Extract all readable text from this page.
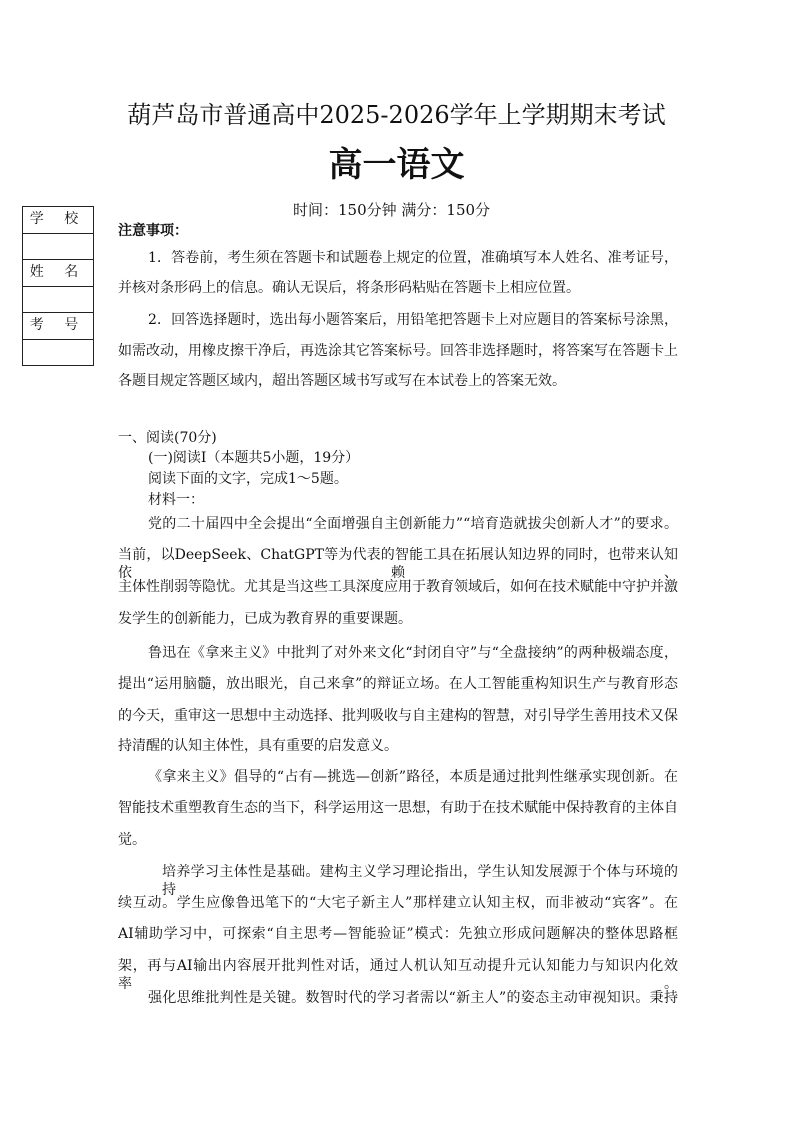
葫芦岛市普通高中2025-2026学年上学期期末考试
高一语文
时间：150分钟 满分：150分
学 校
姓 名
考 号
注意事项：
1．答卷前，考生须在答题卡和试题卷上规定的位置，准确填写本人姓名、准考证号，
并核对条形码上的信息。确认无误后，将条形码粘贴在答题卡上相应位置。
2．回答选择题时，选出每小题答案后，用铅笔把答题卡上对应题目的答案标号涂黑，
如需改动，用橡皮擦干净后，再选涂其它答案标号。回答非选择题时，将答案写在答题卡上
各题目规定答题区域内，超出答题区域书写或写在本试卷上的答案无效。
一、阅读(70分)
(一)阅读Ⅰ（本题共5小题，19分）
阅读下面的文字，完成1～5题。
材料一：
党的二十届四中全会提出“全面增强自主创新能力”“培育造就拔尖创新人才”的要求。
当前，以DeepSeek、ChatGPT等为代表的智能工具在拓展认知边界的同时，也带来认知依赖、
主体性削弱等隐忧。尤其是当这些工具深度应用于教育领域后，如何在技术赋能中守护并激
发学生的创新能力，已成为教育界的重要课题。
鲁迅在《拿来主义》中批判了对外来文化“封闭自守”与“全盘接纳”的两种极端态度，
提出“运用脑髓，放出眼光，自己来拿”的辩证立场。在人工智能重构知识生产与教育形态
的今天，重审这一思想中主动选择、批判吸收与自主建构的智慧，对引导学生善用技术又保
持清醒的认知主体性，具有重要的启发意义。
《拿来主义》倡导的“占有—挑选—创新”路径，本质是通过批判性继承实现创新。在
智能技术重塑教育生态的当下，科学运用这一思想，有助于在技术赋能中保持教育的主体自
觉。
培养学习主体性是基础。建构主义学习理论指出，学生认知发展源于个体与环境的持
续互动。学生应像鲁迅笔下的“大宅子新主人”那样建立认知主权，而非被动“宾客”。在
AI辅助学习中，可探索“自主思考—智能验证”模式：先独立形成问题解决的整体思路框
架，再与AI输出内容展开批判性对话，通过人机认知互动提升元认知能力与知识内化效率。
强化思维批判性是关键。数智时代的学习者需以“新主人”的姿态主动审视知识。秉持
